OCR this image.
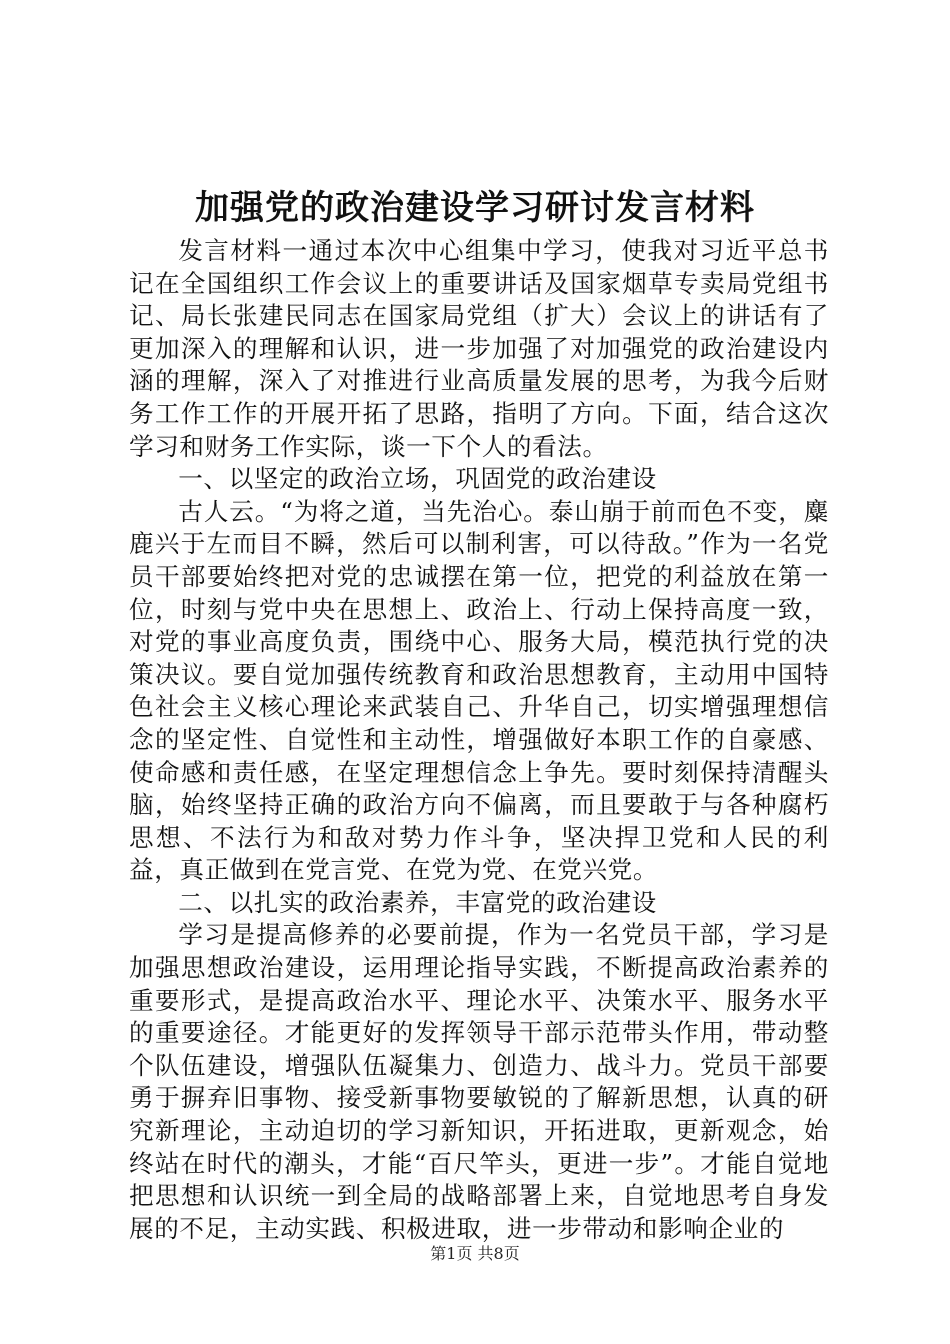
加强党的政治建设学习研讨发言材料

发言材料一通过本次中心组集中学习，使我对习近平总书记在全国组织工作会议上的重要讲话及国家烟草专卖局党组书记、局长张建民同志在国家局党组（扩大）会议上的讲话有了更加深入的理解和认识，进一步加强了对加强党的政治建设内涵的理解，深入了对推进行业高质量发展的思考，为我今后财务工作工作的开展开拓了思路，指明了方向。下面，结合这次学习和财务工作实际，谈一下个人的看法。

一、以坚定的政治立场，巩固党的政治建设

古人云。“为将之道，当先治心。泰山崩于前而色不变，麋鹿兴于左而目不瞬，然后可以制利害，可以待敌。”作为一名党员干部要始终把对党的忠诚摆在第一位，把党的利益放在第一位，时刻与党中央在思想上、政治上、行动上保持高度一致，对党的事业高度负责，围绕中心、服务大局，模范执行党的决策决议。要自觉加强传统教育和政治思想教育，主动用中国特色社会主义核心理论来武装自己、升华自己，切实增强理想信念的坚定性、自觉性和主动性，增强做好本职工作的自豪感、使命感和责任感，在坚定理想信念上争先。要时刻保持清醒头脑，始终坚持正确的政治方向不偏离，而且要敢于与各种腐朽思想、不法行为和敌对势力作斗争，坚决捍卫党和人民的利益，真正做到在党言党、在党为党、在党兴党。

二、以扎实的政治素养，丰富党的政治建设

学习是提高修养的必要前提，作为一名党员干部，学习是加强思想政治建设，运用理论指导实践，不断提高政治素养的重要形式，是提高政治水平、理论水平、决策水平、服务水平的重要途径。才能更好的发挥领导干部示范带头作用，带动整个队伍建设，增强队伍凝集力、创造力、战斗力。党员干部要勇于摒弃旧事物、接受新事物要敏锐的了解新思想，认真的研究新理论，主动迫切的学习新知识，开拓进取，更新观念，始终站在时代的潮头，才能“百尺竿头，更进一步”。才能自觉地把思想和认识统一到全局的战略部署上来，自觉地思考自身发展的不足，主动实践、积极进取，进一步带动和影响企业的

第1页 共8页
